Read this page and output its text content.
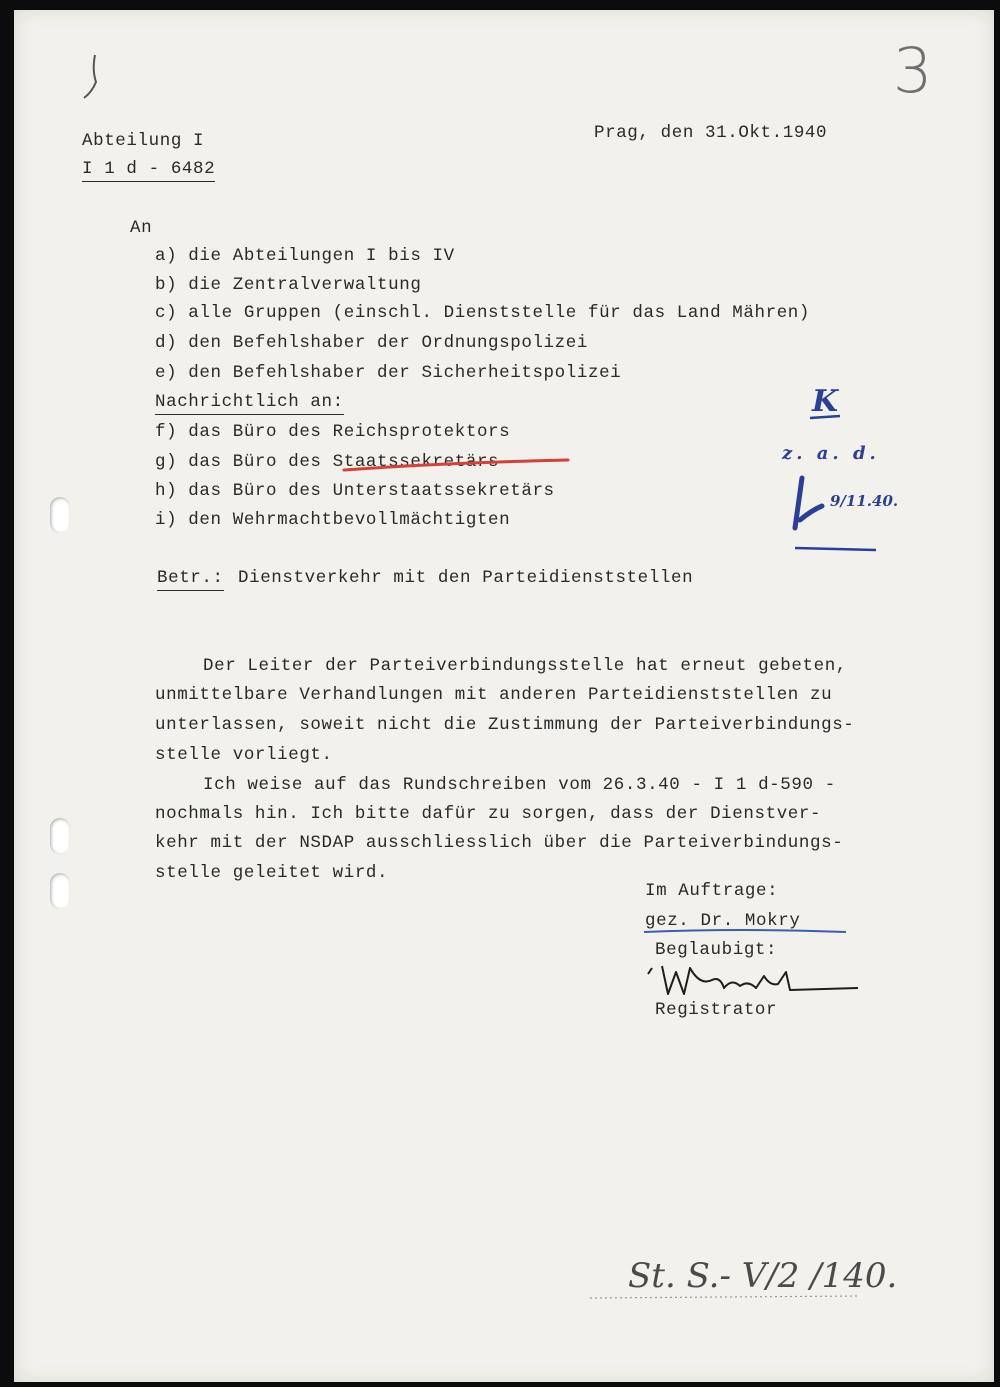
3
Abteilung I
I 1 d - 6482
Prag, den 31.Okt.1940
An
a) die Abteilungen I bis IV
b) die Zentralverwaltung
c) alle Gruppen (einschl. Dienststelle für das Land Mähren)
d) den Befehlshaber der Ordnungspolizei
e) den Befehlshaber der Sicherheitspolizei
Nachrichtlich an:
f) das Büro des Reichsprotektors
g) das Büro des Staatssekretärs
h) das Büro des Unterstaatssekretärs
i) den Wehrmachtbevollmächtigten
Betr.: Dienstverkehr mit den Parteidienststellen
Der Leiter der Parteiverbindungsstelle hat erneut gebeten,
unmittelbare Verhandlungen mit anderen Parteidienststellen zu
unterlassen, soweit nicht die Zustimmung der Parteiverbindungs-
stelle vorliegt.
Ich weise auf das Rundschreiben vom 26.3.40 - I 1 d-590 -
nochmals hin. Ich bitte dafür zu sorgen, dass der Dienstver-
kehr mit der NSDAP ausschliesslich über die Parteiverbindungs-
stelle geleitet wird.
Im Auftrage:
gez. Dr. Mokry
Beglaubigt:
Registrator
K
z. a. d.
9/11.40.
St. S.- V/2 /140.
